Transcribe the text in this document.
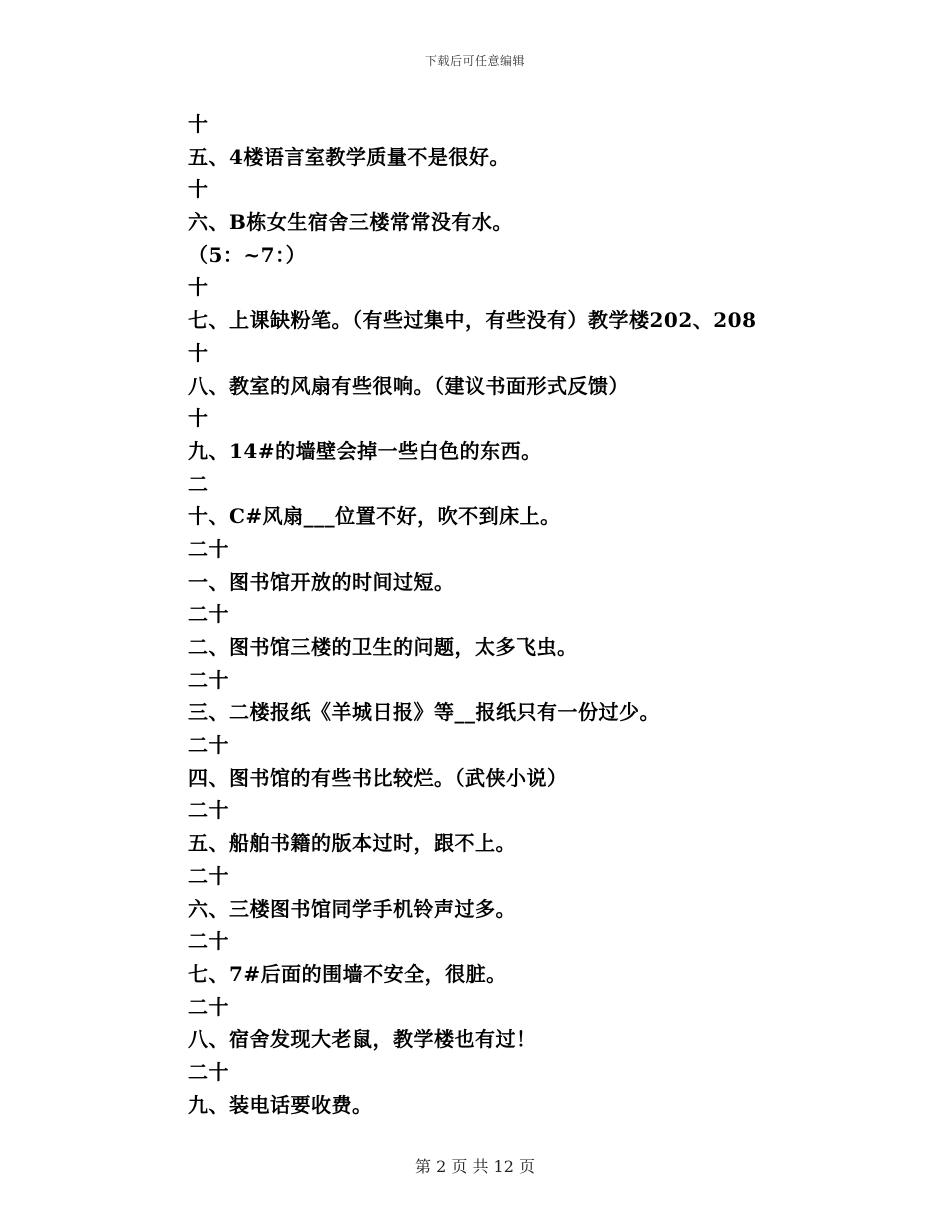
下载后可任意编辑
十
五、4楼语言室教学质量不是很好。
十
六、B栋女生宿舍三楼常常没有水。
（5：~7：）
十
七、上课缺粉笔。（有些过集中，有些没有）教学楼202、208
十
八、教室的风扇有些很响。（建议书面形式反馈）
十
九、14#的墙壁会掉一些白色的东西。
二
十、C#风扇___位置不好，吹不到床上。
二十
一、图书馆开放的时间过短。
二十
二、图书馆三楼的卫生的问题，太多飞虫。
二十
三、二楼报纸《羊城日报》等__报纸只有一份过少。
二十
四、图书馆的有些书比较烂。（武侠小说）
二十
五、船舶书籍的版本过时，跟不上。
二十
六、三楼图书馆同学手机铃声过多。
二十
七、7#后面的围墙不安全，很脏。
二十
八、宿舍发现大老鼠，教学楼也有过！
二十
九、装电话要收费。
第 2 页 共 12 页
